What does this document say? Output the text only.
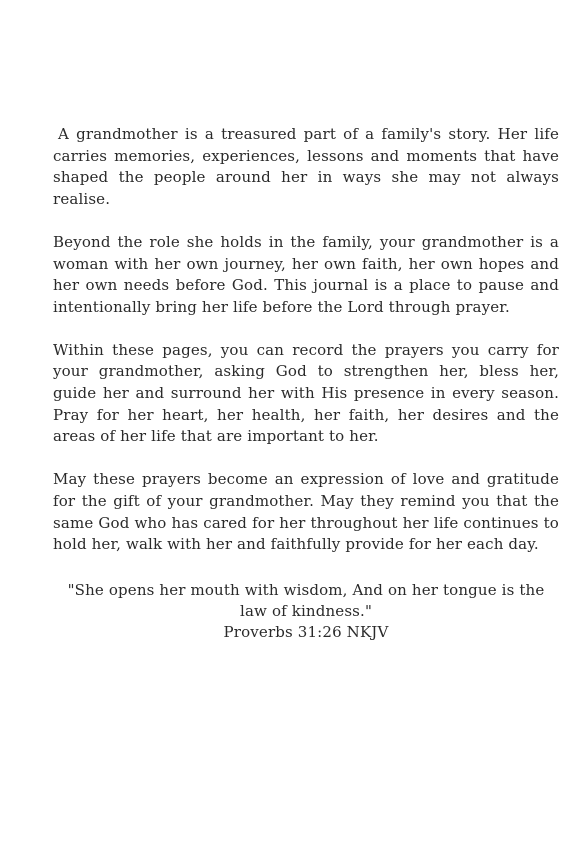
A grandmother is a treasured part of a family's story. Her life carries memories, experiences, lessons and moments that have shaped the people around her in ways she may not always realise.

Beyond the role she holds in the family, your grandmother is a woman with her own journey, her own faith, her own hopes and her own needs before God. This journal is a place to pause and intentionally bring her life before the Lord through prayer.

Within these pages, you can record the prayers you carry for your grandmother, asking God to strengthen her, bless her, guide her and surround her with His presence in every season. Pray for her heart, her health, her faith, her desires and the areas of her life that are important to her.

May these prayers become an expression of love and gratitude for the gift of your grandmother. May they remind you that the same God who has cared for her throughout her life continues to hold her, walk with her and faithfully provide for her each day.

"She opens her mouth with wisdom, And on her tongue is the law of kindness."

Proverbs 31:26 NKJV
